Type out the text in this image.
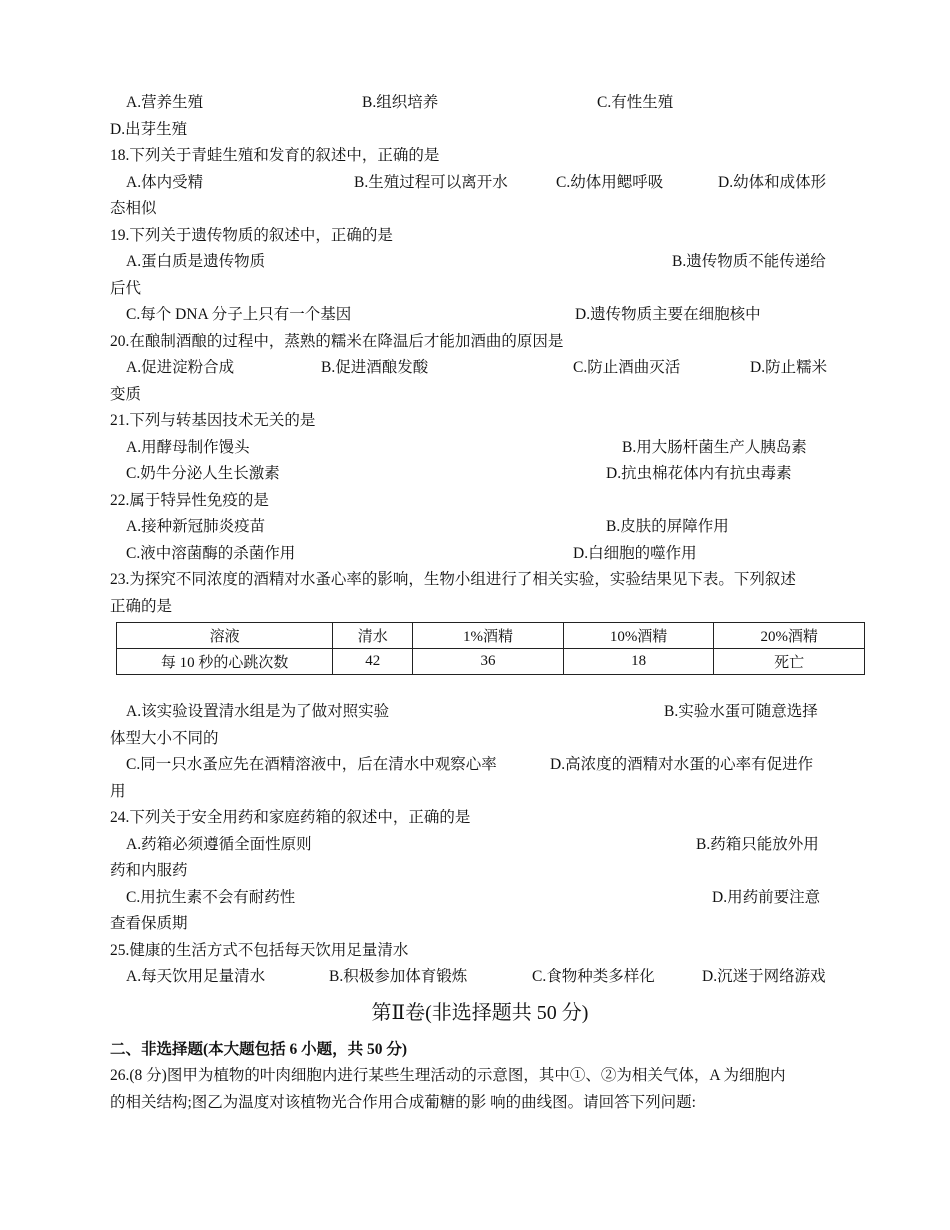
A.营养生殖	B.组织培养	C.有性生殖
D.出芽生殖
18.下列关于青蛙生殖和发育的叙述中，正确的是
A.体内受精	B.生殖过程可以离开水	C.幼体用鳃呼吸	D.幼体和成体形
态相似
19.下列关于遗传物质的叙述中，正确的是
A.蛋白质是遗传物质	B.遗传物质不能传递给
后代
C.每个 DNA 分子上只有一个基因	D.遗传物质主要在细胞核中
20.在酿制酒酿的过程中，蒸熟的糯米在降温后才能加酒曲的原因是
A.促进淀粉合成	B.促进酒酿发酸	C.防止酒曲灭活	D.防止糯米
变质
21.下列与转基因技术无关的是
A.用酵母制作馒头	B.用大肠杆菌生产人胰岛素
C.奶牛分泌人生长激素	D.抗虫棉花体内有抗虫毒素
22.属于特异性免疫的是
A.接种新冠肺炎疫苗	B.皮肤的屏障作用
C.液中溶菌酶的杀菌作用	D.白细胞的噬作用
23.为探究不同浓度的酒精对水蚤心率的影响，生物小组进行了相关实验，实验结果见下表。下列叙述
正确的是
溶液	清水	1%酒精	10%酒精	20%酒精
每 10 秒的心跳次数	42	36	18	死亡
A.该实验设置清水组是为了做对照实验	B.实验水蛋可随意选择
体型大小不同的
C.同一只水蚤应先在酒精溶液中，后在清水中观察心率	D.高浓度的酒精对水蛋的心率有促进作
用
24.下列关于安全用药和家庭药箱的叙述中，正确的是
A.药箱必须遵循全面性原则	B.药箱只能放外用
药和内服药
C.用抗生素不会有耐药性	D.用药前要注意
查看保质期
25.健康的生活方式不包括每天饮用足量清水
A.每天饮用足量清水	B.积极参加体育锻炼	C.食物种类多样化	D.沉迷于网络游戏
第Ⅱ卷(非选择题共 50 分)
二、非选择题(本大题包括 6 小题，共 50 分)
26.(8 分)图甲为植物的叶肉细胞内进行某些生理活动的示意图，其中①、②为相关气体，A 为细胞内
的相关结构;图乙为温度对该植物光合作用合成葡糖的影 响的曲线图。请回答下列问题:
